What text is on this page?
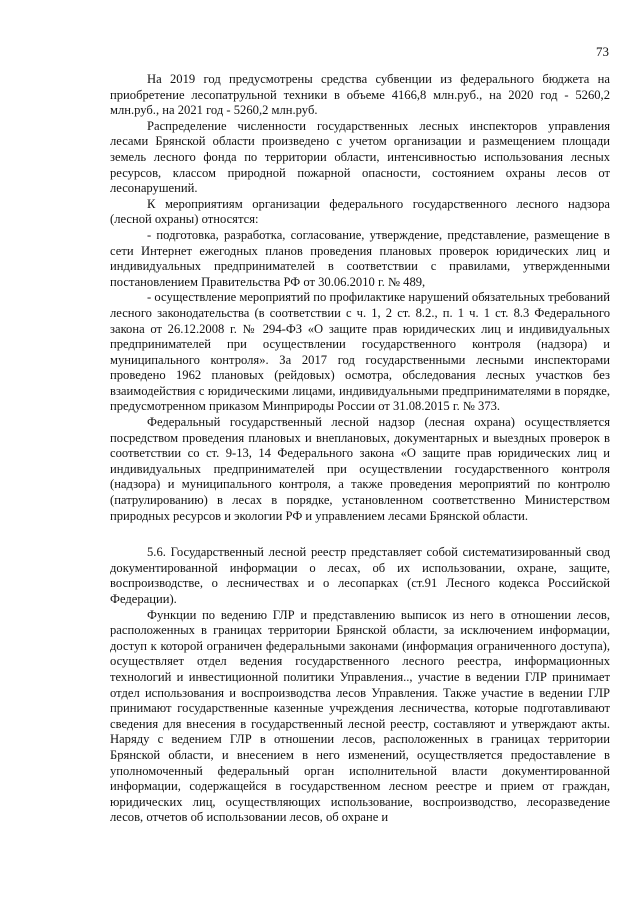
73

На 2019 год предусмотрены средства субвенции из федерального бюджета на приобретение лесопатрульной техники в объеме 4166,8 млн.руб., на 2020 год - 5260,2 млн.руб., на 2021 год - 5260,2 млн.руб.

Распределение численности государственных лесных инспекторов управления лесами Брянской области произведено с учетом организации и размещением площади земель лесного фонда по территории области, интенсивностью использования лесных ресурсов, классом природной пожарной опасности, состоянием охраны лесов от лесонарушений.

К мероприятиям организации федерального государственного лесного надзора (лесной охраны) относятся:

- подготовка, разработка, согласование, утверждение, представление, размещение в сети Интернет ежегодных планов проведения плановых проверок юридических лиц и индивидуальных предпринимателей в соответствии с правилами, утвержденными постановлением Правительства РФ от 30.06.2010 г. № 489,

- осуществление мероприятий по профилактике нарушений обязательных требований лесного законодательства (в соответствии с ч. 1, 2 ст. 8.2., п. 1 ч. 1 ст. 8.3 Федерального закона от 26.12.2008 г. № 294-ФЗ «О защите прав юридических лиц и индивидуальных предпринимателей при осуществлении государственного контроля (надзора) и муниципального контроля». За 2017 год государственными лесными инспекторами проведено 1962 плановых (рейдовых) осмотра, обследования лесных участков без взаимодействия с юридическими лицами, индивидуальными предпринимателями в порядке, предусмотренном приказом Минприроды России от 31.08.2015 г. № 373.

Федеральный государственный лесной надзор (лесная охрана) осуществляется посредством проведения плановых и внеплановых, документарных и выездных проверок в соответствии со ст. 9-13, 14 Федерального закона «О защите прав юридических лиц и индивидуальных предпринимателей при осуществлении государственного контроля (надзора) и муниципального контроля, а также проведения мероприятий по контролю (патрулированию) в лесах в порядке, установленном соответственно Министерством природных ресурсов и экологии РФ и управлением лесами Брянской области.

5.6. Государственный лесной реестр представляет собой систематизированный свод документированной информации о лесах, об их использовании, охране, защите, воспроизводстве, о лесничествах и о лесопарках (ст.91 Лесного кодекса Российской Федерации).

Функции по ведению ГЛР и представлению выписок из него в отношении лесов, расположенных в границах территории Брянской области, за исключением информации, доступ к которой ограничен федеральными законами (информация ограниченного доступа), осуществляет отдел ведения государственного лесного реестра, информационных технологий и инвестиционной политики Управления.., участие в ведении ГЛР принимает отдел использования и воспроизводства лесов Управления. Также участие в ведении ГЛР принимают государственные казенные учреждения лесничества, которые подготавливают сведения для внесения в государственный лесной реестр, составляют и утверждают акты. Наряду с ведением ГЛР в отношении лесов, расположенных в границах территории Брянской области, и внесением в него изменений, осуществляется предоставление в уполномоченный федеральный орган исполнительной власти документированной информации, содержащейся в государственном лесном реестре и прием от граждан, юридических лиц, осуществляющих использование, воспроизводство, лесоразведение лесов, отчетов об использовании лесов, об охране и
